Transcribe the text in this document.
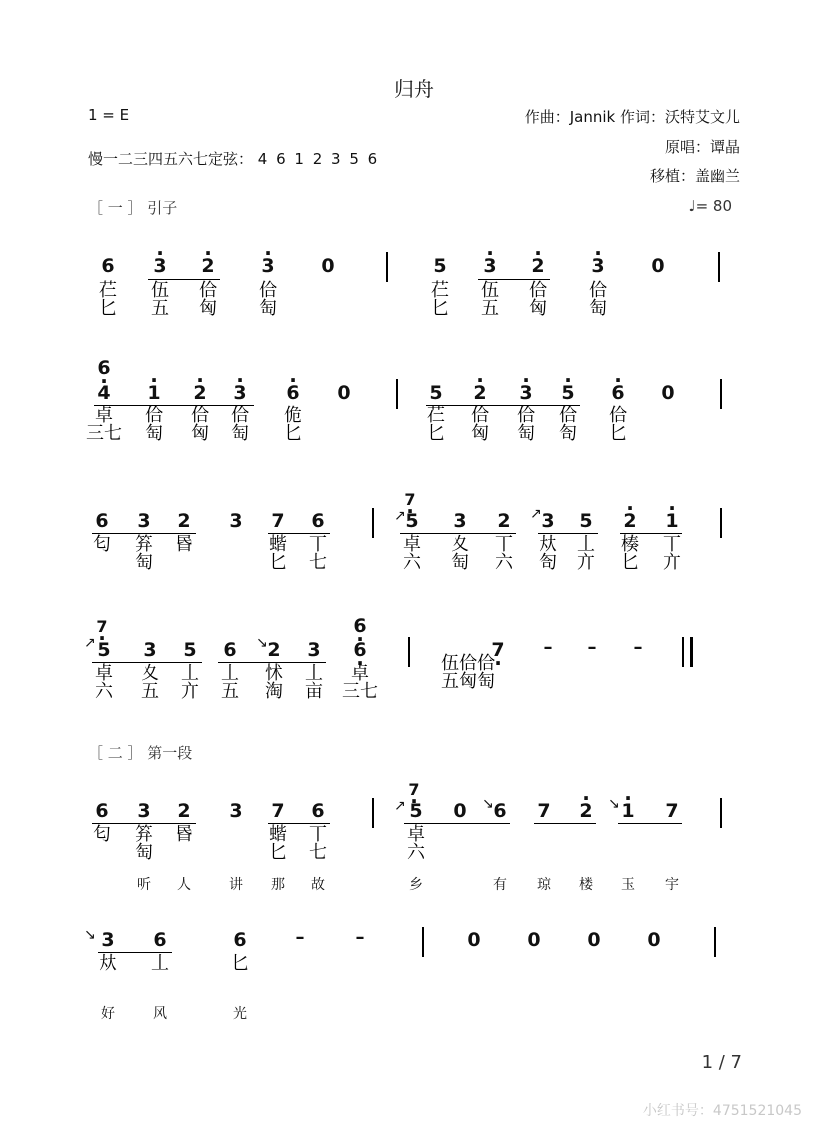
归舟
1 = E
慢一二三四五六七定弦： 4 6 1 2 3 5 6
作曲：Jannik 作词：沃特艾文儿
原唱：谭晶
移植：盖幽兰
［ 一 ］ 引子	♩= 80
6 · 3 · 2 · 3 0	5 · 3 · 2 · 3 0
芢
匕
伍
五
佮
匈
佮
匋
芢
匕
伍
五
佮
匈
佮
匋
6 ·
4 · 1 · 2 · 3 · 6 0	5 · 2 · 3 · 5 · 6 0
卓
三七
佮
匋
佮
匈
佮
匋
佹
匕
芢
匕
佮
匈
佮
匋
佮
匌
佮
匕
6 3 2 3 7 6
7 ·
↗ 5 3 2 ↗ 3 5 · 2 · 1
匂 笲
匋
昬	蝔
匕
丅
七
卓
六
夊
匋
丅
六
夶
匌
丄
亣
楱
匕
丅
亣
7 ·
↗ 5 3 5 6 ↘ 2 3
6 ·
6 ·	7 · – – –
卓
六
夊
五
丄
亣
丄
五
怵
淘
丄
亩
卓
三七
伍佮佮
五匈匋
［ 二 ］ 第一段
6 3 2 3 7 6
7 ·
↗ 5 0 ↘ 6 7 · 2 ↘ · 1 7
匂 笲
匋
昬	蝔
匕
丅
七
卓
六
听 人	讲 那 故	乡	有 琼 楼 玉 宇
↘ 3 6	6	–	–	0 0 0 0
夶 丄	匕
好	风	光
1 / 7
小红书号：4751521045
